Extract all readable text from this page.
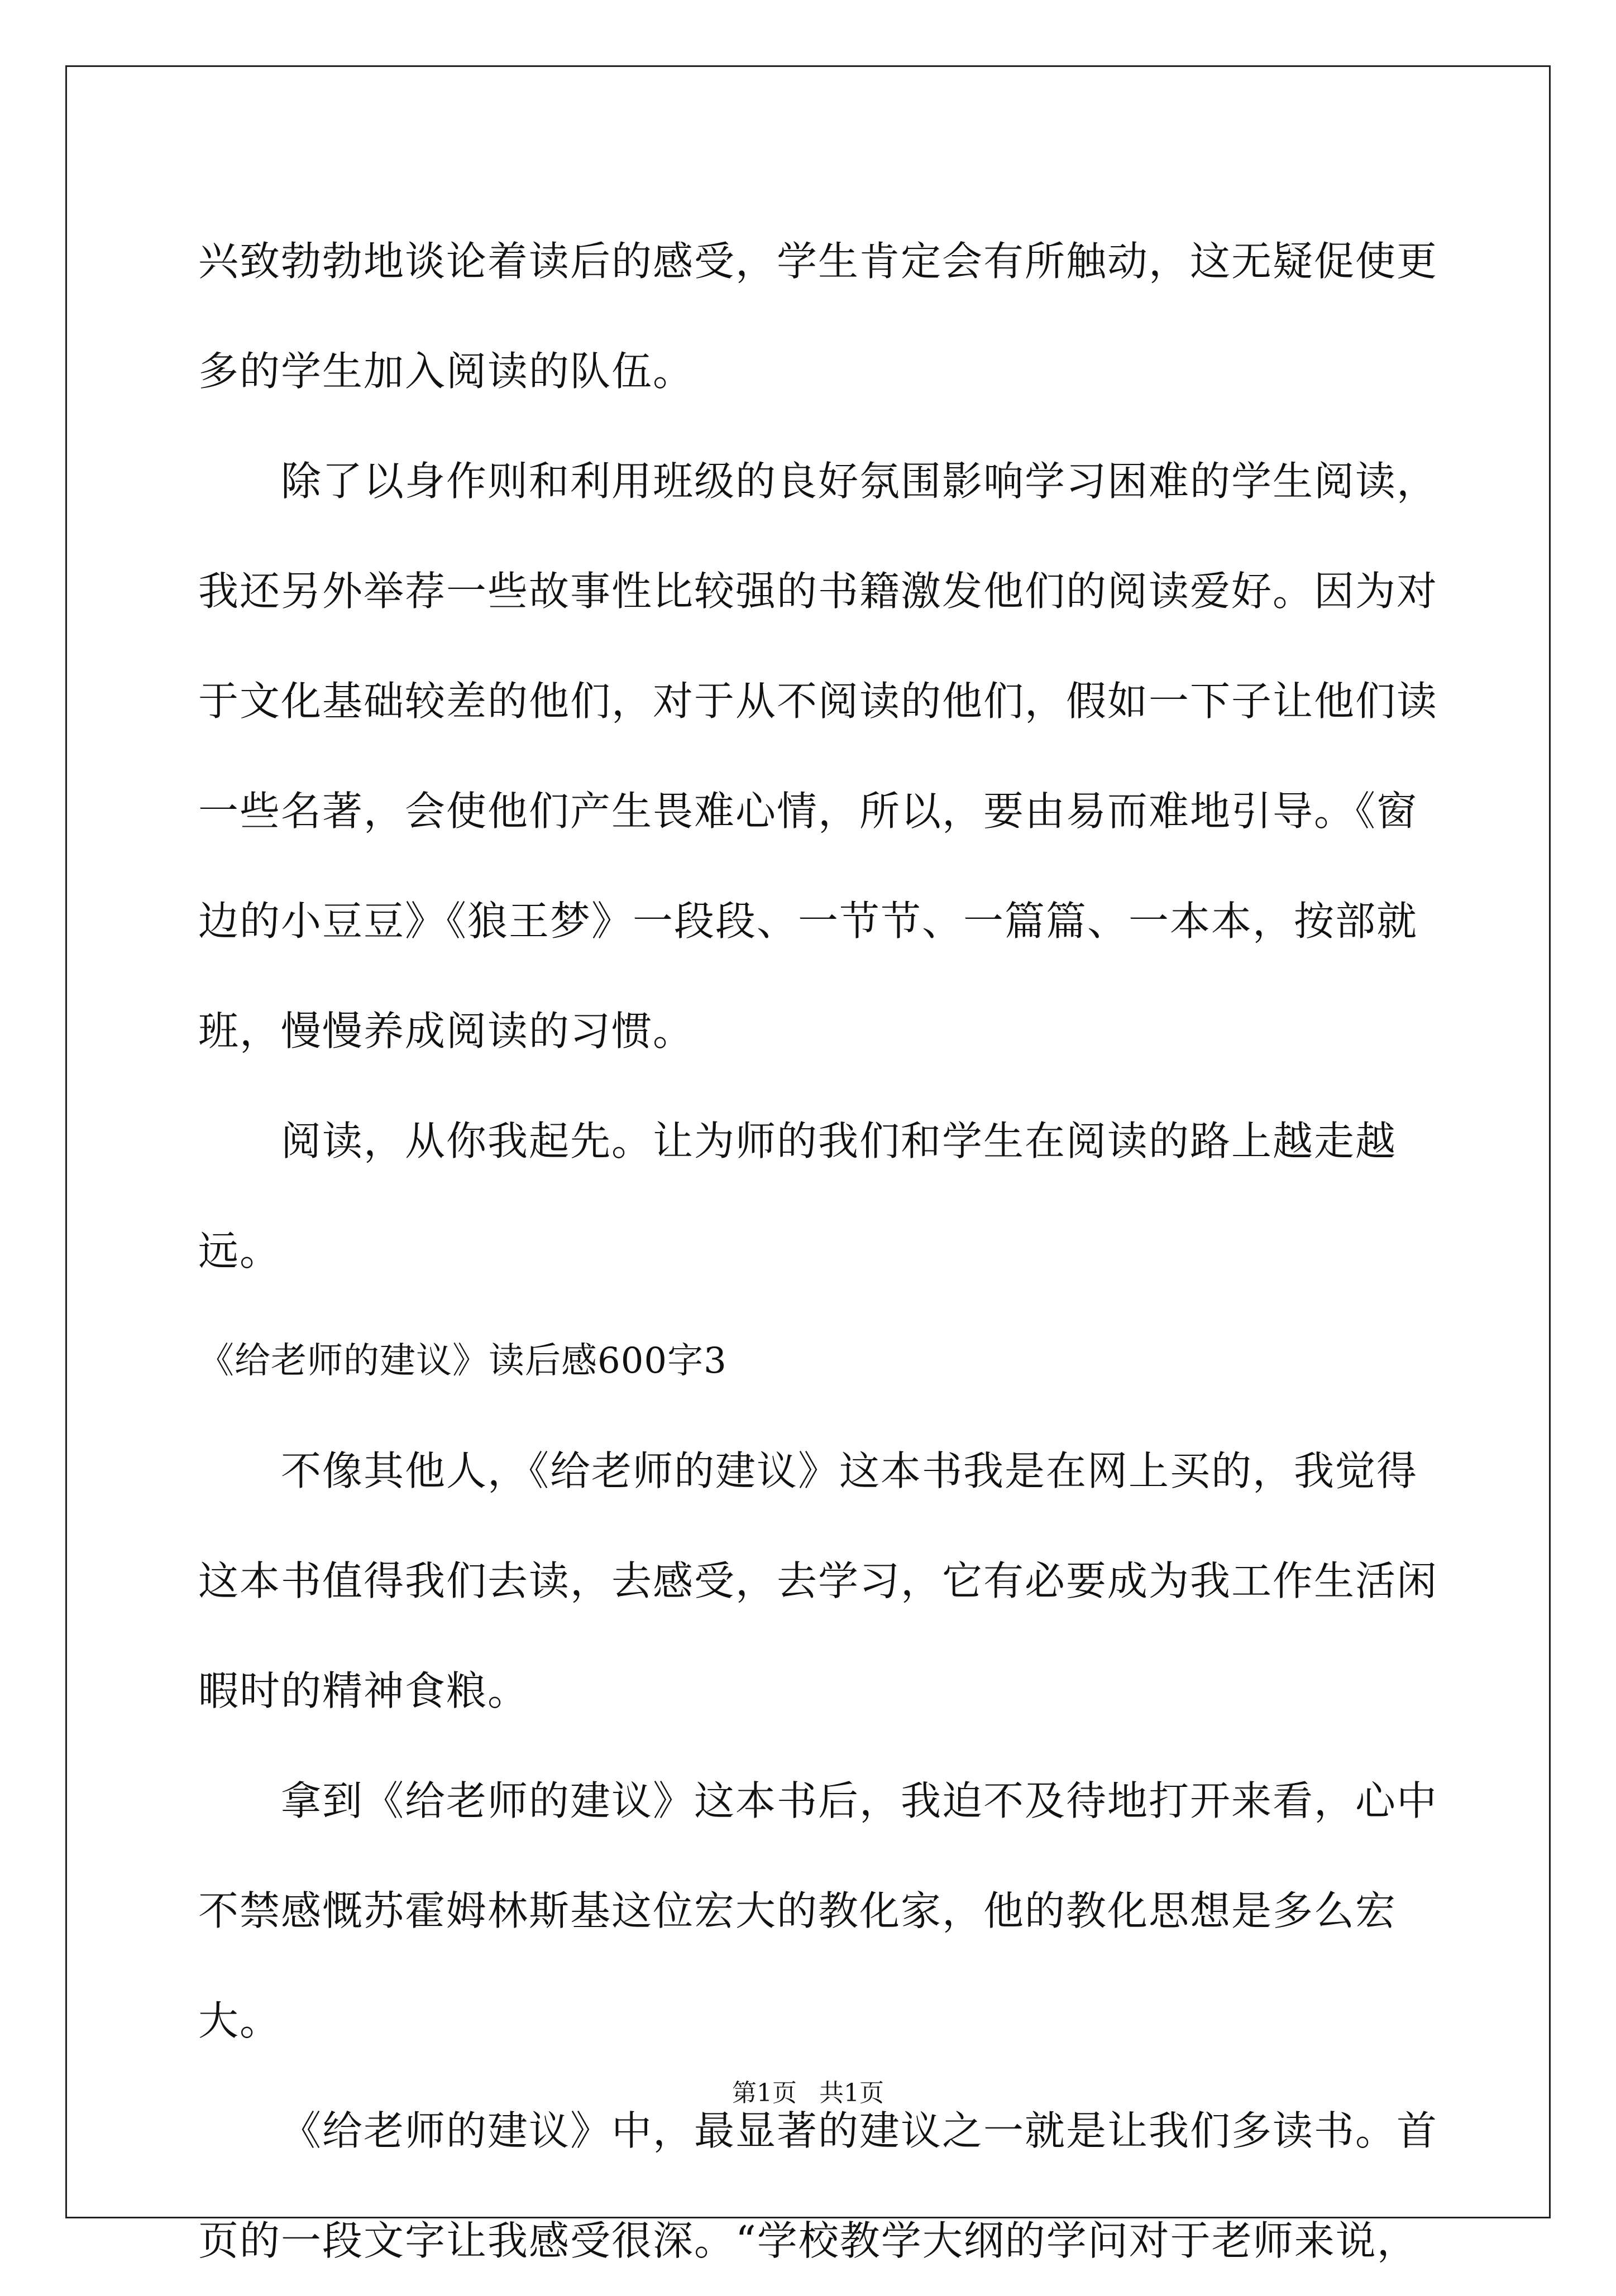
兴致勃勃地谈论着读后的感受，学生肯定会有所触动，这无疑促使更多的学生加入阅读的队伍。

除了以身作则和利用班级的良好氛围影响学习困难的学生阅读，我还另外举荐一些故事性比较强的书籍激发他们的阅读爱好。因为对于文化基础较差的他们，对于从不阅读的他们，假如一下子让他们读一些名著，会使他们产生畏难心情，所以，要由易而难地引导。《窗边的小豆豆》《狼王梦》一段段、一节节、一篇篇、一本本，按部就班，慢慢养成阅读的习惯。

阅读，从你我起先。让为师的我们和学生在阅读的路上越走越远。

《给老师的建议》读后感600字3

不像其他人，《给老师的建议》这本书我是在网上买的，我觉得这本书值得我们去读，去感受，去学习，它有必要成为我工作生活闲暇时的精神食粮。

拿到《给老师的建议》这本书后，我迫不及待地打开来看，心中不禁感慨苏霍姆林斯基这位宏大的教化家，他的教化思想是多么宏大。

《给老师的建议》中，最显著的建议之一就是让我们多读书。首页的一段文字让我感受很深。“学校教学大纲的学问对于老师来说，

第1页 共1页
